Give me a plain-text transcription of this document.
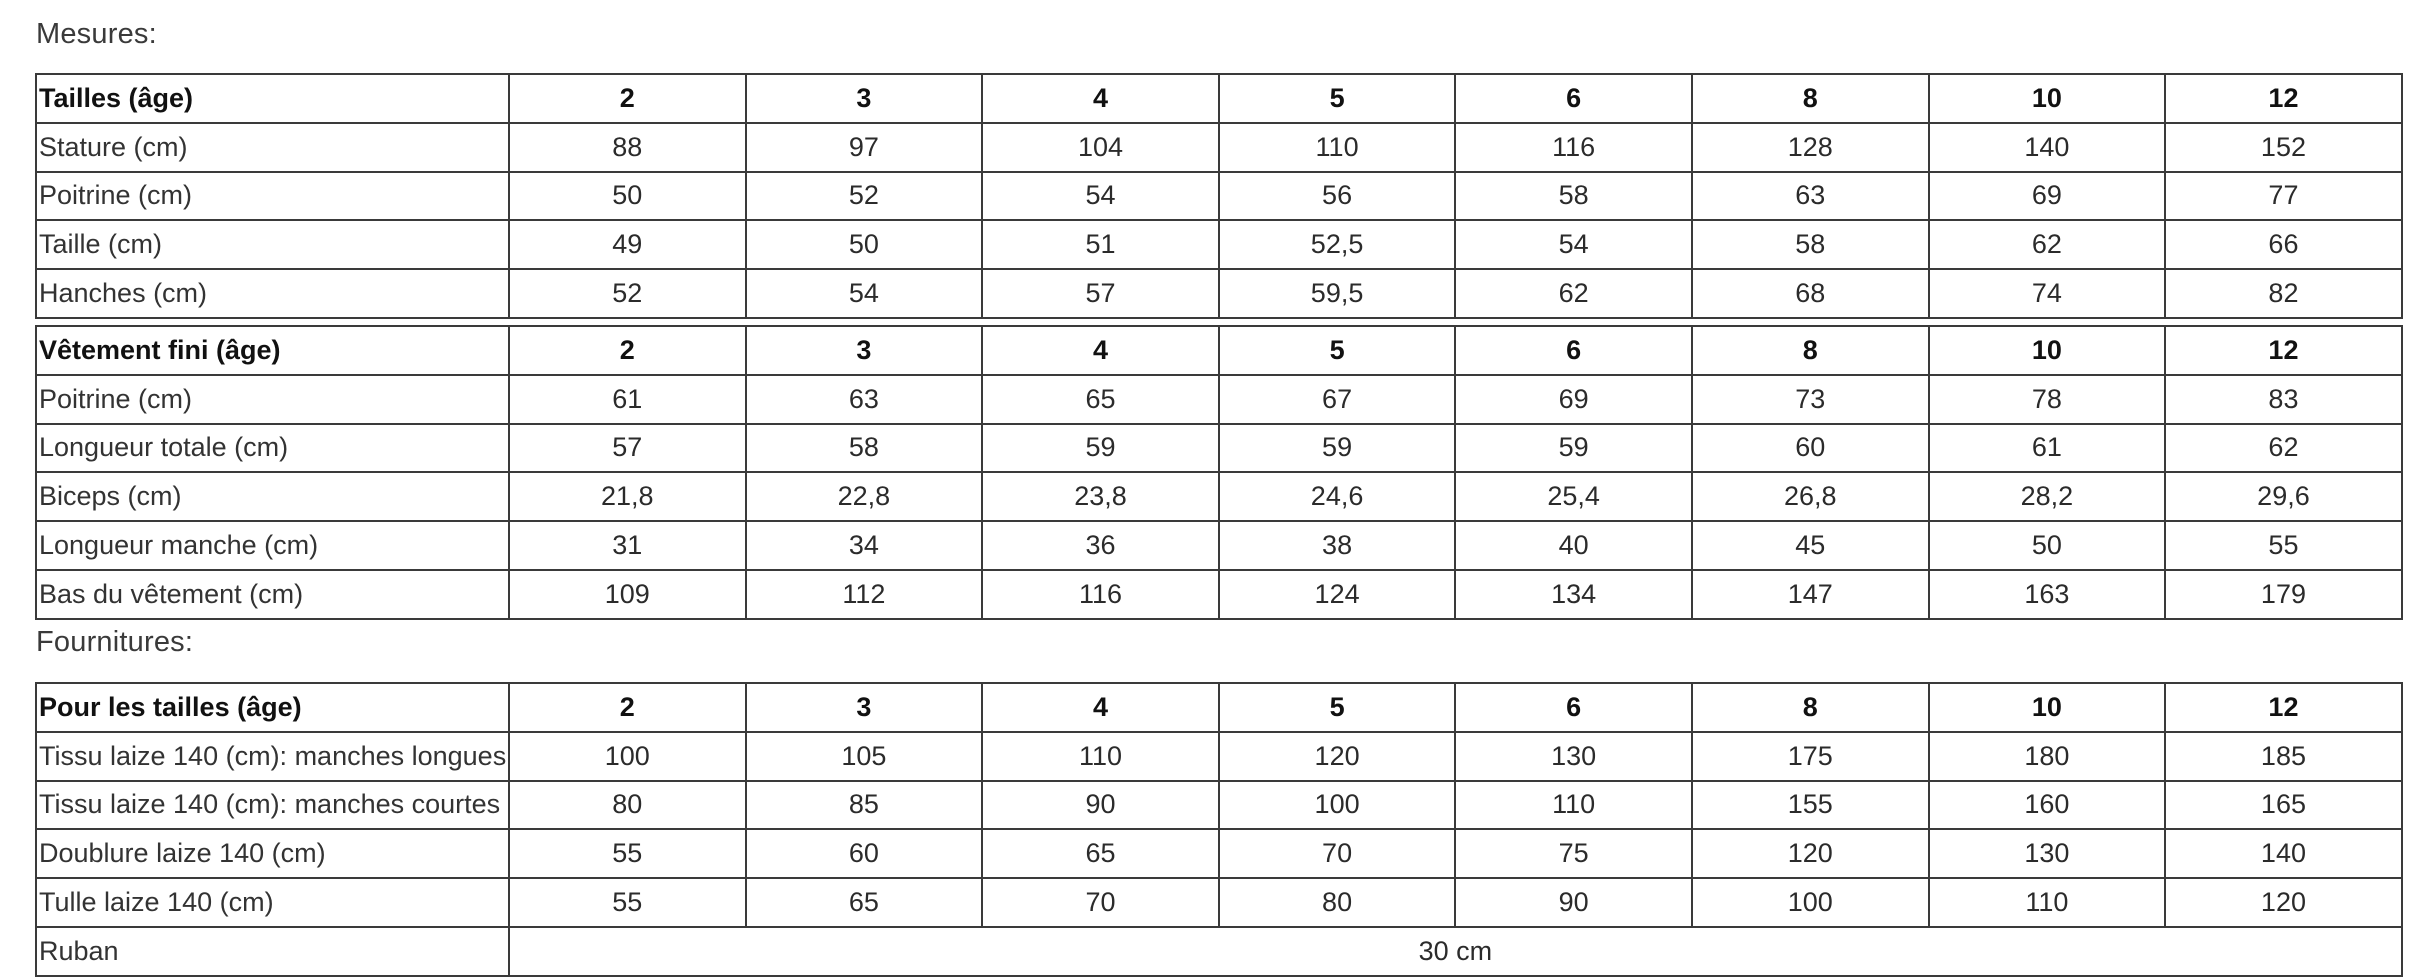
Mesures:
Tailles (âge)	2	3	4	5	6	8	10	12
Stature (cm)	88	97	104	110	116	128	140	152
Poitrine (cm)	50	52	54	56	58	63	69	77
Taille (cm)	49	50	51	52,5	54	58	62	66
Hanches (cm)	52	54	57	59,5	62	68	74	82
Vêtement fini (âge)	2	3	4	5	6	8	10	12
Poitrine (cm)	61	63	65	67	69	73	78	83
Longueur totale (cm)	57	58	59	59	59	60	61	62
Biceps (cm)	21,8	22,8	23,8	24,6	25,4	26,8	28,2	29,6
Longueur manche (cm)	31	34	36	38	40	45	50	55
Bas du vêtement (cm)	109	112	116	124	134	147	163	179
Fournitures:
Pour les tailles (âge)	2	3	4	5	6	8	10	12
Tissu laize 140 (cm): manches longues	100	105	110	120	130	175	180	185
Tissu laize 140 (cm): manches courtes	80	85	90	100	110	155	160	165
Doublure laize 140 (cm)	55	60	65	70	75	120	130	140
Tulle laize 140 (cm)	55	65	70	80	90	100	110	120
Ruban	30 cm							
